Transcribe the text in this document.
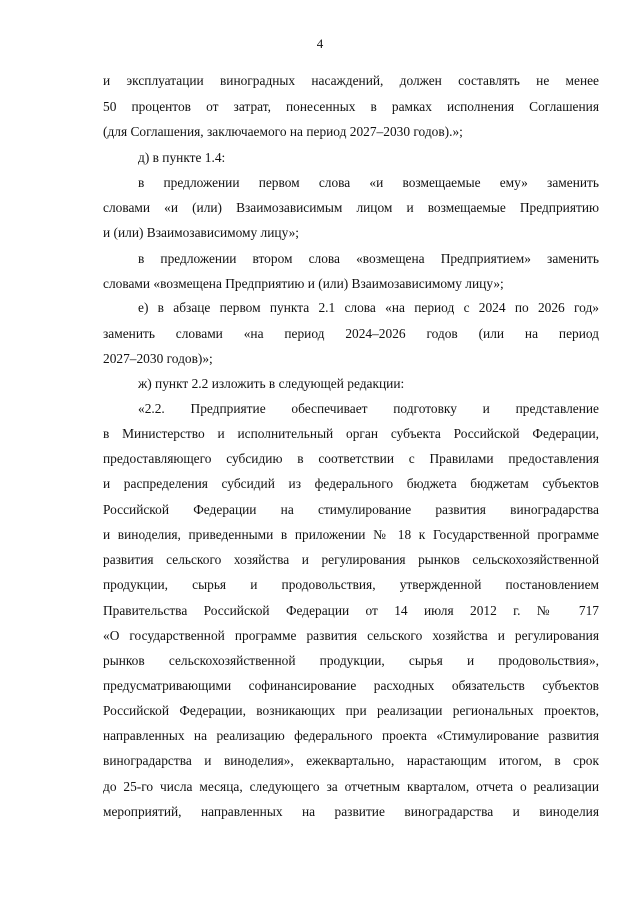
4
и эксплуатации виноградных насаждений, должен составлять не менее
50 процентов от затрат, понесенных в рамках исполнения Соглашения
(для Соглашения, заключаемого на период 2027–2030 годов).»;
д) в пункте 1.4:
в предложении первом слова «и возмещаемые ему» заменить
словами «и (или) Взаимозависимым лицом и возмещаемые Предприятию
и (или) Взаимозависимому лицу»;
в предложении втором слова «возмещена Предприятием» заменить
словами «возмещена Предприятию и (или) Взаимозависимому лицу»;
е) в абзаце первом пункта 2.1 слова «на период с 2024 по 2026 год»
заменить словами «на период 2024–2026 годов (или на период
2027–2030 годов)»;
ж) пункт 2.2 изложить в следующей редакции:
«2.2. Предприятие обеспечивает подготовку и представление
в Министерство и исполнительный орган субъекта Российской Федерации,
предоставляющего субсидию в соответствии с Правилами предоставления
и распределения субсидий из федерального бюджета бюджетам субъектов
Российской Федерации на стимулирование развития виноградарства
и виноделия, приведенными в приложении № 18 к Государственной программе
развития сельского хозяйства и регулирования рынков сельскохозяйственной
продукции, сырья и продовольствия, утвержденной постановлением
Правительства Российской Федерации от 14 июля 2012 г. № 717
«О государственной программе развития сельского хозяйства и регулирования
рынков сельскохозяйственной продукции, сырья и продовольствия»,
предусматривающими софинансирование расходных обязательств субъектов
Российской Федерации, возникающих при реализации региональных проектов,
направленных на реализацию федерального проекта «Стимулирование развития
виноградарства и виноделия», ежеквартально, нарастающим итогом, в срок
до 25-го числа месяца, следующего за отчетным кварталом, отчета о реализации
мероприятий, направленных на развитие виноградарства и виноделия
